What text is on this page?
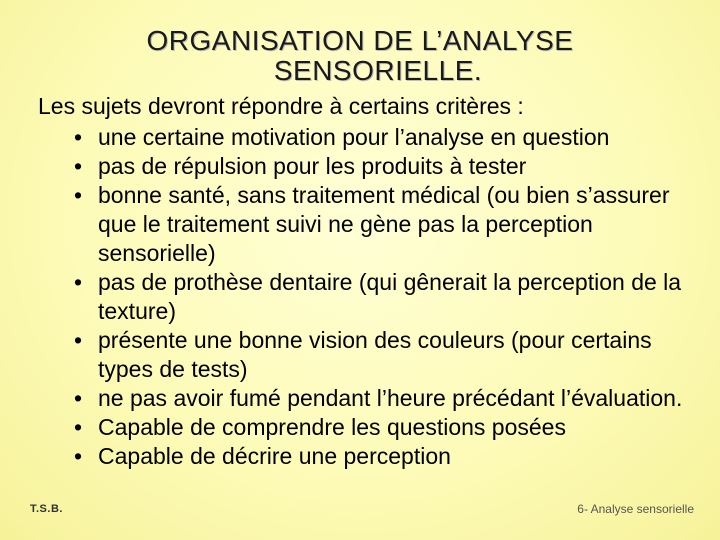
ORGANISATION DE L’ANALYSE
SENSORIELLE.
Les sujets devront répondre à certains critères :
• une certaine motivation pour l’analyse en question
• pas de répulsion pour les produits à tester
• bonne santé, sans traitement médical (ou bien s’assurer que le traitement suivi ne gène pas la perception sensorielle)
• pas de prothèse dentaire (qui gênerait la perception de la texture)
• présente une bonne vision des couleurs (pour certains types de tests)
• ne pas avoir fumé pendant l’heure précédant l’évaluation.
• Capable de comprendre les questions posées
• Capable de décrire une perception
T.S.B.	6- Analyse sensorielle
